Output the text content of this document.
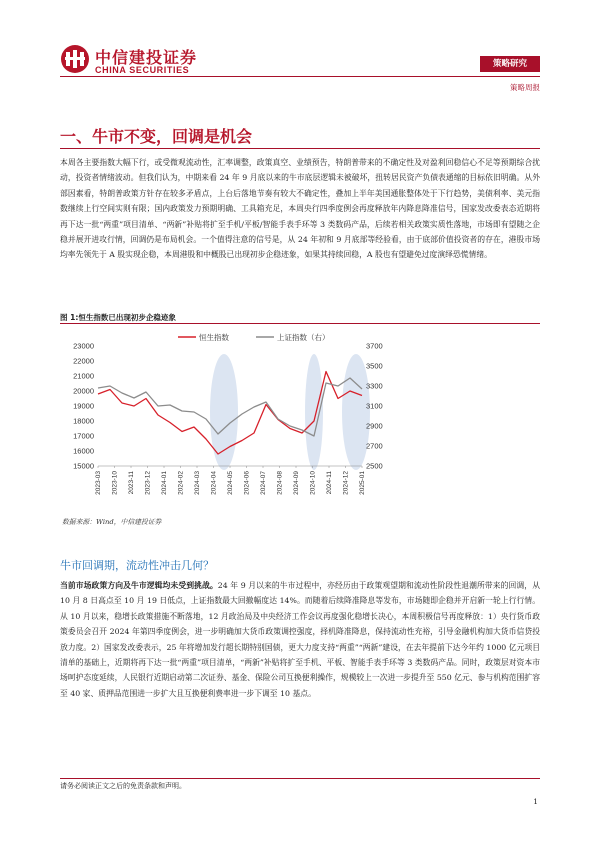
中信建投证券
CHINA SECURITIES
策略研究
策略周报
一、牛市不变，回调是机会
本周各主要指数大幅下行，或受微观流动性，汇率调整，政策真空、业绩预告，特朗普带来的不确定性及对盈利回稳信心不足等预期综合扰动，投资者情绪波动。但我们认为，中期来看 24 年 9 月底以来的牛市底层逻辑未被破坏，扭转居民资产负债表通缩的目标依旧明确。从外部因素看，特朗普政策方针存在较多矛盾点，上台后落地节奏有较大不确定性，叠加上半年美国通胀整体处于下行趋势，美债利率、美元指数继续上行空间实则有限；国内政策发力预期明确、工具箱充足，本周央行四季度例会再度释放年内降息降准信号，国家发改委表态近期将再下达一批“两重”项目清单、“两新”补贴将扩至手机/平板/智能手表手环等 3 类数码产品，后续若相关政策实质性落地，市场即有望随之企稳并展开进攻行情，回调仍是布局机会。一个值得注意的信号是，从 24 年初和 9 月底部等经验看，由于底部价值投资者的存在，港股市场均率先领先于 A 股实现企稳，本周港股和中概股已出现初步企稳迹象，如果其持续回稳，A 股也有望避免过度演绎恐慌情绪。
图 1:恒生指数已出现初步企稳迹象
15000
16000
17000
18000
19000
20000
21000
22000
23000
2500
2700
2900
3100
3300
3500
3700
2023-03 2023-10 2023-11 2023-12 2024-01 2024-02 2024-03 2024-04 2024-05 2024-06 2024-07 2024-08 2024-09 2024-10 2024-11 2024-12 2025-01
恒生指数	上证指数（右）
数据来源：Wind，中信建投证券
牛市回调期，流动性冲击几何？
当前市场政策方向及牛市逻辑均未受到挑战。24 年 9 月以来的牛市过程中，亦经历由于政策观望期和流动性阶段性退潮所带来的回调，从 10 月 8 日高点至 10 月 19 日低点，上证指数最大回撤幅度达 14%。而随着后续降准降息等发布，市场随即企稳并开启新一轮上行行情。从 10 月以来，稳增长政策措施不断落地，12 月政治局及中央经济工作会议再度强化稳增长决心，本周积极信号再度释放：1）央行货币政策委员会召开 2024 年第四季度例会，进一步明确加大货币政策调控强度，择机降准降息，保持流动性充裕，引导金融机构加大货币信贷投放力度。2）国家发改委表示，25 年将增加发行超长期特别国债，更大力度支持“两重”“两新”建设，在去年提前下达今年约 1000 亿元项目清单的基础上，近期将再下达一批“两重”项目清单，“两新”补贴将扩至手机、平板、智能手表手环等 3 类数码产品。同时，政策层对资本市场呵护态度延续，人民银行近期启动第二次证券、基金、保险公司互换便利操作，规模较上一次进一步提升至 550 亿元、参与机构范围扩容至 40 家、质押品范围进一步扩大且互换便利费率进一步下调至 10 基点。
请务必阅读正文之后的免责条款和声明。
1
